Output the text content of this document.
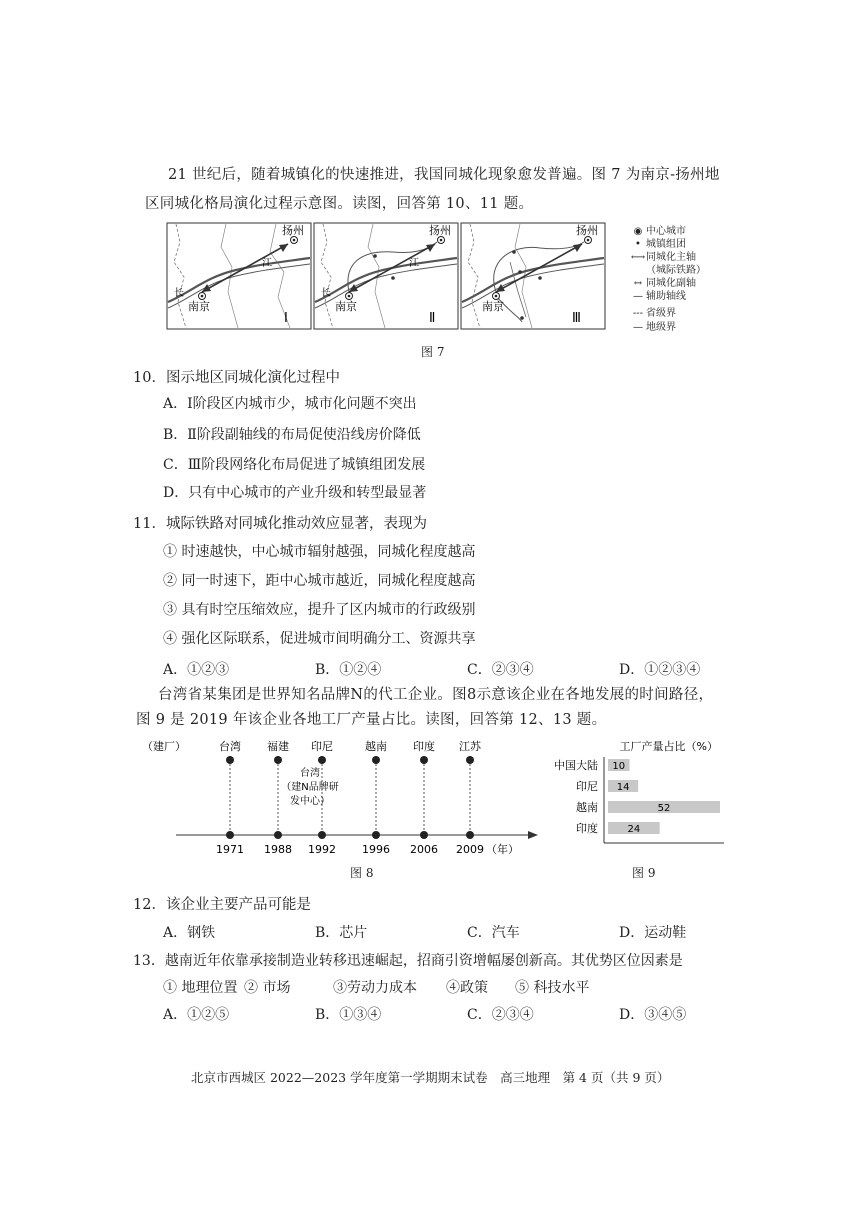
21 世纪后，随着城镇化的快速推进，我国同城化现象愈发普遍。图 7 为南京-扬州地
区同城化格局演化过程示意图。读图，回答第 10、11 题。
扬州
南京
长
江
Ⅰ
扬州
南京
长
江
Ⅱ
扬州
南京
Ⅲ
◉ 中心城市
• 城镇组团
⟷同城化主轴
（城际铁路）
↔ 同城化副轴
— 辅助轴线
--- 省级界
— 地级界
图 7
10．图示地区同城化演化过程中
A．Ⅰ阶段区内城市少，城市化问题不突出
B．Ⅱ阶段副轴线的布局促使沿线房价降低
C．Ⅲ阶段网络化布局促进了城镇组团发展
D．只有中心城市的产业升级和转型最显著
11．城际铁路对同城化推动效应显著，表现为
① 时速越快，中心城市辐射越强，同城化程度越高
② 同一时速下，距中心城市越近，同城化程度越高
③ 具有时空压缩效应，提升了区内城市的行政级别
④ 强化区际联系，促进城市间明确分工、资源共享
A．①②③	B．①②④	C．②③④	D．①②③④
台湾省某集团是世界知名品牌N的代工企业。图8示意该企业在各地发展的时间路径，
图 9 是 2019 年该企业各地工厂产量占比。读图，回答第 12、13 题。
（建厂）
（年）
台湾
1971
福建
1988
印尼
1992
越南
1996
印度
2006
江苏
2009
台湾
（建N品牌研
发中心）
图 8
工厂产量占比（%）
中国大陆 10
印尼 14
越南	52
印度	24
图 9
12．该企业主要产品可能是
A．钢铁	B．芯片	C．汽车	D．运动鞋
13．越南近年依靠承接制造业转移迅速崛起，招商引资增幅屡创新高。其优势区位因素是
① 地理位置 ② 市场	③劳动力成本 ④政策 ⑤ 科技水平
A．①②⑤	B．①③④	C．②③④	D．③④⑤
北京市西城区 2022—2023 学年度第一学期期末试卷　高三地理　第 4 页（共 9 页）
